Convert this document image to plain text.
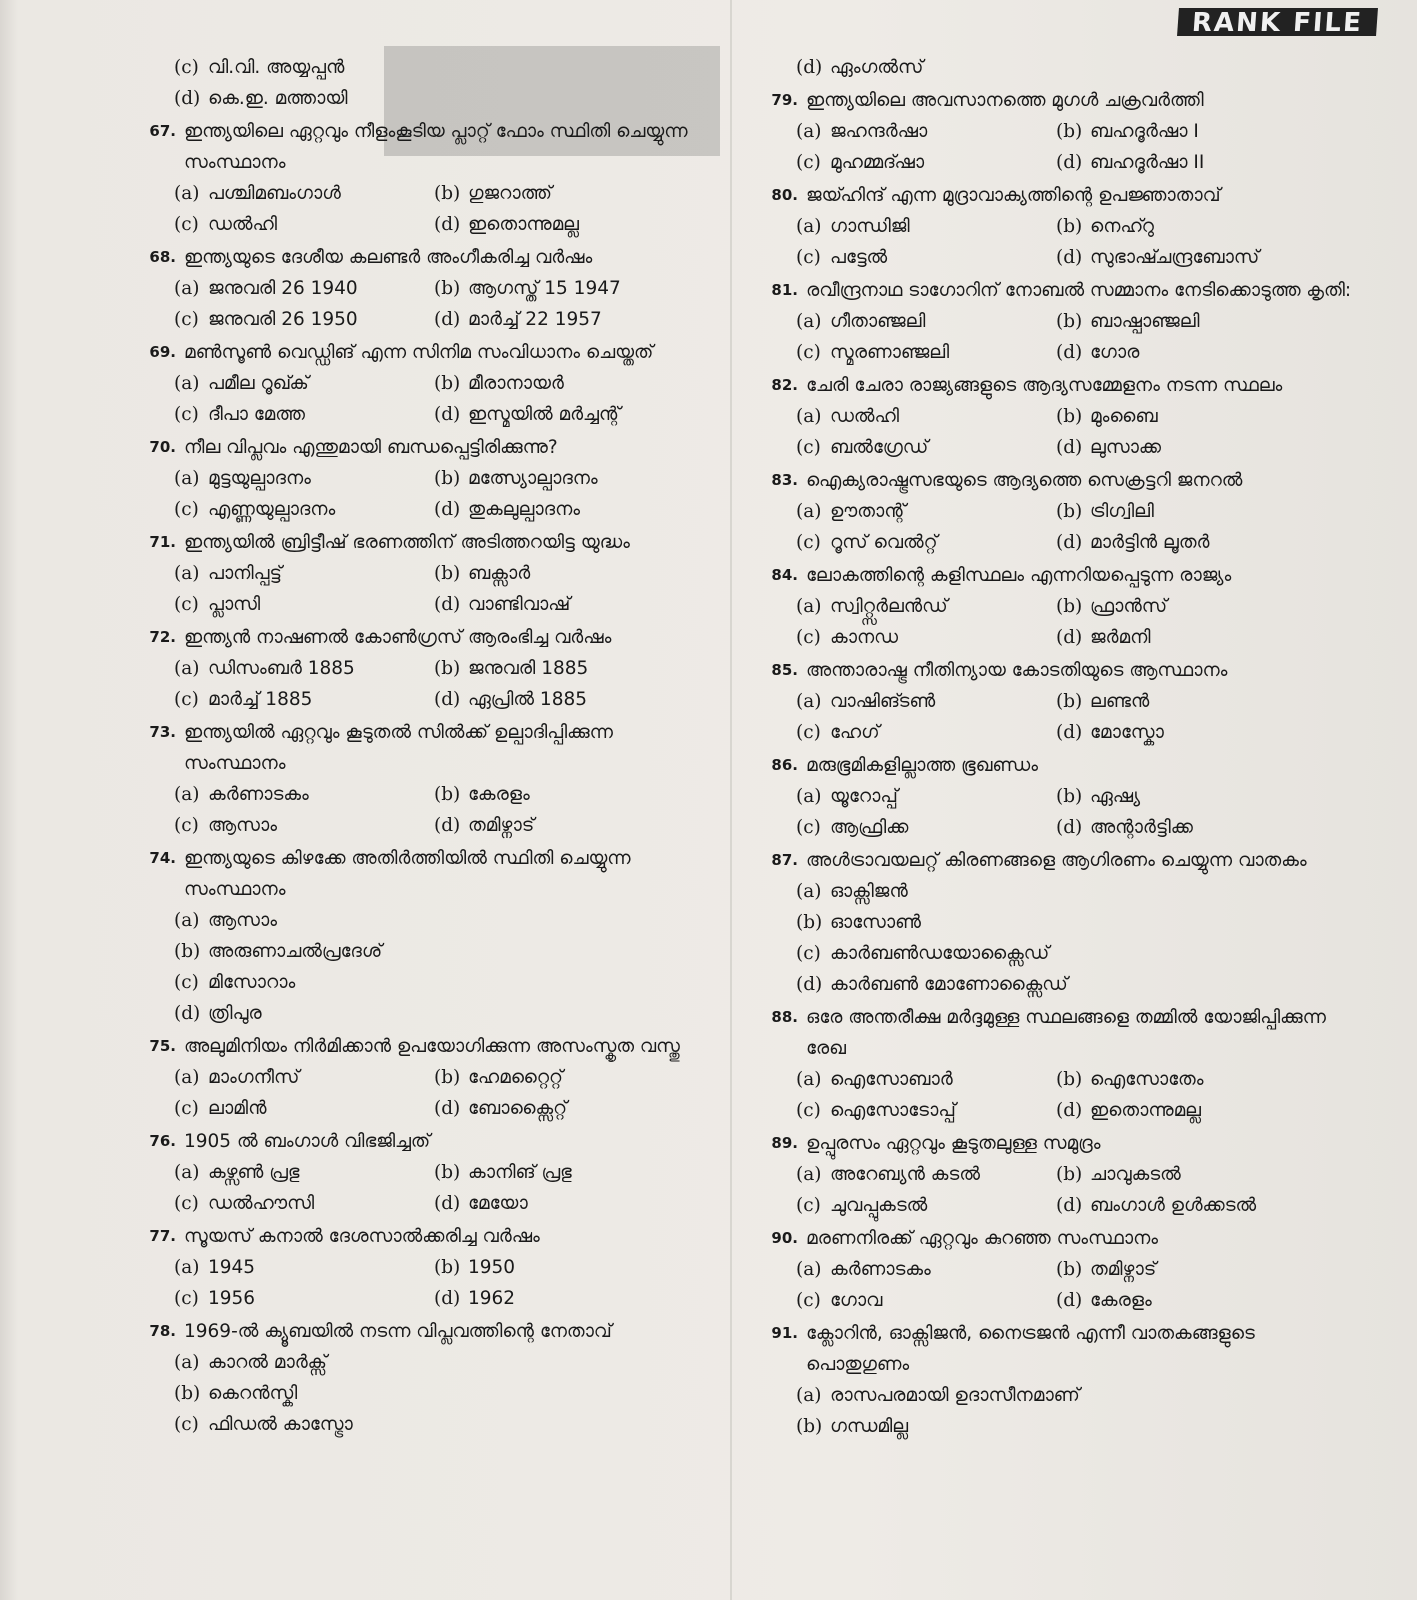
RANK FILE
(c) വി.വി. അയ്യപ്പൻ
(d) കെ.ഇ. മത്തായി
67. ഇന്ത്യയിലെ ഏറ്റവും നീളംകൂടിയ പ്ലാറ്റ് ഫോം സ്ഥിതി ചെയ്യുന്ന സംസ്ഥാനം
(a) പശ്ചിമബംഗാൾ	(b) ഗുജറാത്ത്
(c) ഡൽഹി	(d) ഇതൊന്നുമല്ല
68. ഇന്ത്യയുടെ ദേശീയ കലണ്ടർ അംഗീകരിച്ച വർഷം
(a) ജനുവരി 26 1940	(b) ആഗസ്ത് 15 1947
(c) ജനുവരി 26 1950	(d) മാർച്ച് 22 1957
69. മൺസൂൺ വെഡ്ഡിങ് എന്ന സിനിമ സംവിധാനം ചെയ്തത്
(a) പമീല റൂഖ്ക്	(b) മീരാനായർ
(c) ദീപാ മേത്ത	(d) ഇസ്മയിൽ മർച്ചന്റ്
70. നീല വിപ്ലവം എന്തുമായി ബന്ധപ്പെട്ടിരിക്കുന്നു?
(a) മുട്ടയുല്പാദനം	(b) മത്സ്യോല്പാദനം
(c) എണ്ണയുല്പാദനം	(d) തുകലുല്പാദനം
71. ഇന്ത്യയിൽ ബ്രിട്ടീഷ് ഭരണത്തിന് അടിത്തറയിട്ട യുദ്ധം
(a) പാനിപ്പട്ട്	(b) ബക്സാർ
(c) പ്ലാസി	(d) വാണ്ടിവാഷ്
72. ഇന്ത്യൻ നാഷണൽ കോൺഗ്രസ് ആരംഭിച്ച വർഷം
(a) ഡിസംബർ 1885	(b) ജനുവരി 1885
(c) മാർച്ച് 1885	(d) ഏപ്രിൽ 1885
73. ഇന്ത്യയിൽ ഏറ്റവും കൂടുതൽ സിൽക്ക് ഉല്പാദിപ്പിക്കുന്ന സംസ്ഥാനം
(a) കർണാടകം	(b) കേരളം
(c) ആസാം	(d) തമിഴ്നാട്
74. ഇന്ത്യയുടെ കിഴക്കേ അതിർത്തിയിൽ സ്ഥിതി ചെയ്യുന്ന സംസ്ഥാനം
(a) ആസാം
(b) അരുണാചൽപ്രദേശ്
(c) മിസോറാം
(d) ത്രിപുര
75. അലുമിനിയം നിർമിക്കാൻ ഉപയോഗിക്കുന്ന അസംസ്കൃത വസ്തു
(a) മാംഗനീസ്	(b) ഹേമറ്റൈറ്റ്
(c) ലാമിൻ	(d) ബോക്സൈറ്റ്
76. 1905 ൽ ബംഗാൾ വിഭജിച്ചത്
(a) കഴ്സൺ പ്രഭു	(b) കാനിങ് പ്രഭു
(c) ഡൽഹൗസി	(d) മേയോ
77. സൂയസ് കനാൽ ദേശസാൽക്കരിച്ച വർഷം
(a) 1945	(b) 1950
(c) 1956	(d) 1962
78. 1969-ൽ ക്യൂബയിൽ നടന്ന വിപ്ലവത്തിന്റെ നേതാവ്
(a) കാറൽ മാർക്സ്
(b) കെറൻസ്കി
(c) ഫിഡൽ കാസ്ട്രോ
(d) ഏംഗൽസ്
79. ഇന്ത്യയിലെ അവസാനത്തെ മുഗൾ ചക്രവർത്തി
(a) ജഹന്ദർഷാ	(b) ബഹദൂർഷാ I
(c) മുഹമ്മദ്ഷാ	(d) ബഹദൂർഷാ II
80. ജയ്ഹിന്ദ് എന്ന മുദ്രാവാക്യത്തിന്റെ ഉപജ്ഞാതാവ്
(a) ഗാന്ധിജി	(b) നെഹ്റു
(c) പട്ടേൽ	(d) സുഭാഷ്ചന്ദ്രബോസ്
81. രവീന്ദ്രനാഥ ടാഗോറിന് നോബൽ സമ്മാനം നേടിക്കൊടുത്ത കൃതി:
(a) ഗീതാഞ്ജലി	(b) ബാഷ്പാഞ്ജലി
(c) സ്മരണാഞ്ജലി	(d) ഗോര
82. ചേരി ചേരാ രാജ്യങ്ങളുടെ ആദ്യസമ്മേളനം നടന്ന സ്ഥലം
(a) ഡൽഹി	(b) മുംബൈ
(c) ബൽഗ്രേഡ്	(d) ലുസാക്ക
83. ഐക്യരാഷ്ട്രസഭയുടെ ആദ്യത്തെ സെക്രട്ടറി ജനറൽ
(a) ഊതാന്റ്	(b) ട്രിഗ്വിലി
(c) റൂസ് വെൽറ്റ്	(d) മാർട്ടിൻ ലൂതർ
84. ലോകത്തിന്റെ കളിസ്ഥലം എന്നറിയപ്പെടുന്ന രാജ്യം
(a) സ്വിറ്റ്സർലൻഡ്	(b) ഫ്രാൻസ്
(c) കാനഡ	(d) ജർമനി
85. അന്താരാഷ്ട്ര നീതിന്യായ കോടതിയുടെ ആസ്ഥാനം
(a) വാഷിങ്ടൺ	(b) ലണ്ടൻ
(c) ഹേഗ്	(d) മോസ്കോ
86. മരുഭൂമികളില്ലാത്ത ഭൂഖണ്ഡം
(a) യൂറോപ്പ്	(b) ഏഷ്യ
(c) ആഫ്രിക്ക	(d) അന്റാർട്ടിക്ക
87. അൾട്രാവയലറ്റ് കിരണങ്ങളെ ആഗിരണം ചെയ്യുന്ന വാതകം
(a) ഓക്സിജൻ
(b) ഓസോൺ
(c) കാർബൺഡയോക്സൈഡ്
(d) കാർബൺ മോണോക്സൈഡ്
88. ഒരേ അന്തരീക്ഷ മർദ്ദമുള്ള സ്ഥലങ്ങളെ തമ്മിൽ യോജിപ്പിക്കുന്ന രേഖ
(a) ഐസോബാർ	(b) ഐസോതേം
(c) ഐസോടോപ്പ്	(d) ഇതൊന്നുമല്ല
89. ഉപ്പുരസം ഏറ്റവും കൂടുതലുള്ള സമുദ്രം
(a) അറേബ്യൻ കടൽ	(b) ചാവുകടൽ
(c) ചുവപ്പുകടൽ	(d) ബംഗാൾ ഉൾക്കടൽ
90. മരണനിരക്ക് ഏറ്റവും കുറഞ്ഞ സംസ്ഥാനം
(a) കർണാടകം	(b) തമിഴ്നാട്
(c) ഗോവ	(d) കേരളം
91. ക്ലോറിൻ, ഓക്സിജൻ, നൈട്രജൻ എന്നീ വാതകങ്ങളുടെ പൊതുഗുണം
(a) രാസപരമായി ഉദാസീനമാണ്
(b) ഗന്ധമില്ല
